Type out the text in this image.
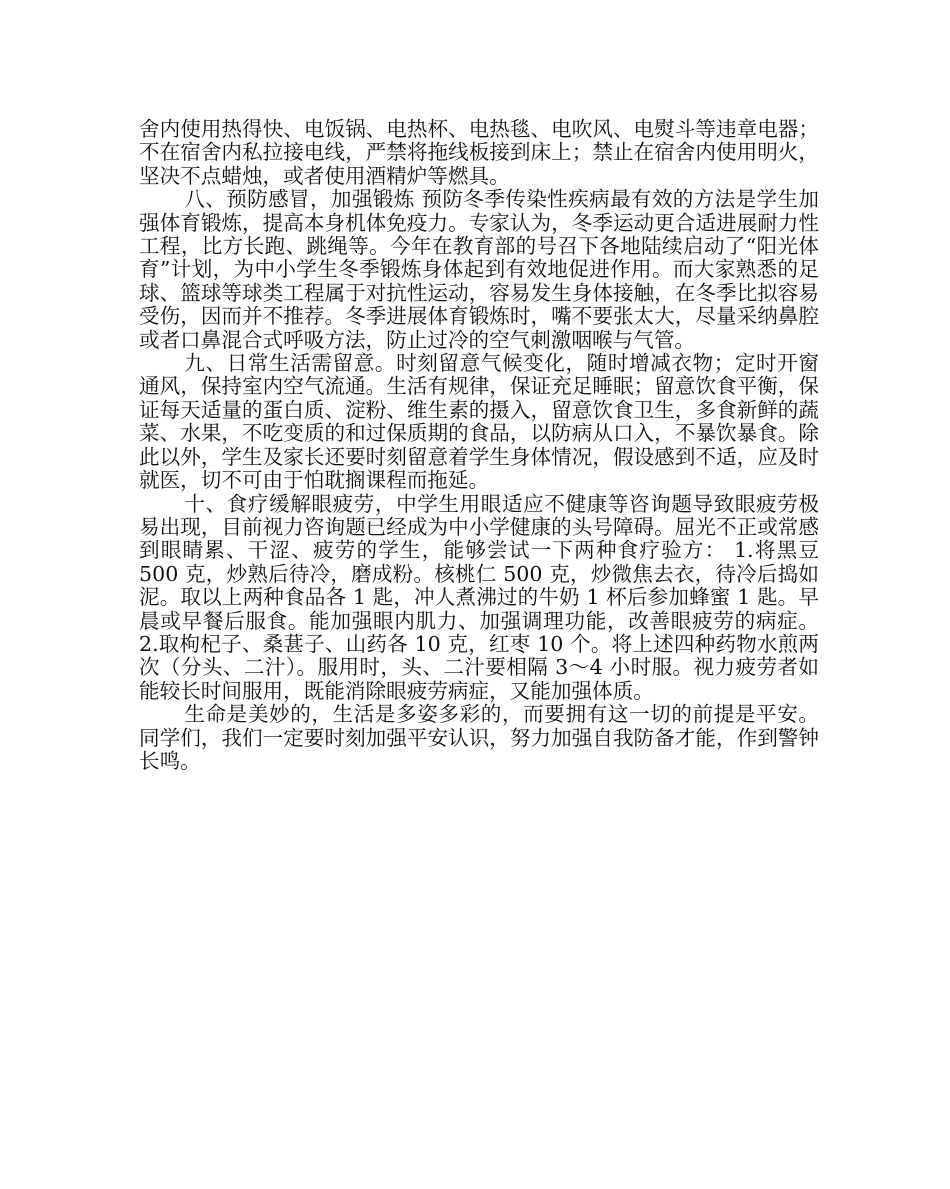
舍内使用热得快、电饭锅、电热杯、电热毯、电吹风、电熨斗等违章电器；不在宿舍内私拉接电线，严禁将拖线板接到床上；禁止在宿舍内使用明火，坚决不点蜡烛，或者使用酒精炉等燃具。

八、预防感冒，加强锻炼 预防冬季传染性疾病最有效的方法是学生加强体育锻炼，提高本身机体免疫力。专家认为，冬季运动更合适进展耐力性工程，比方长跑、跳绳等。今年在教育部的号召下各地陆续启动了“阳光体育”计划，为中小学生冬季锻炼身体起到有效地促进作用。而大家熟悉的足球、篮球等球类工程属于对抗性运动，容易发生身体接触，在冬季比拟容易受伤，因而并不推荐。冬季进展体育锻炼时，嘴不要张太大，尽量采纳鼻腔或者口鼻混合式呼吸方法，防止过冷的空气刺激咽喉与气管。

九、日常生活需留意。时刻留意气候变化，随时增减衣物；定时开窗通风，保持室内空气流通。生活有规律，保证充足睡眠；留意饮食平衡，保证每天适量的蛋白质、淀粉、维生素的摄入，留意饮食卫生，多食新鲜的蔬菜、水果，不吃变质的和过保质期的食品，以防病从口入，不暴饮暴食。除此以外，学生及家长还要时刻留意着学生身体情况，假设感到不适，应及时就医，切不可由于怕耽搁课程而拖延。

十、食疗缓解眼疲劳，中学生用眼适应不健康等咨询题导致眼疲劳极易出现，目前视力咨询题已经成为中小学健康的头号障碍。屈光不正或常感到眼睛累、干涩、疲劳的学生，能够尝试一下两种食疗验方： 1.将黑豆 500 克，炒熟后待冷，磨成粉。核桃仁 500 克，炒微焦去衣，待冷后捣如泥。取以上两种食品各 1 匙，冲人煮沸过的牛奶 1 杯后参加蜂蜜 1 匙。早晨或早餐后服食。能加强眼内肌力、加强调理功能，改善眼疲劳的病症。 2.取枸杞子、桑葚子、山药各 10 克，红枣 10 个。将上述四种药物水煎两次（分头、二汁）。服用时，头、二汁要相隔 3～4 小时服。视力疲劳者如能较长时间服用，既能消除眼疲劳病症，又能加强体质。

生命是美妙的，生活是多姿多彩的，而要拥有这一切的前提是平安。同学们，我们一定要时刻加强平安认识，努力加强自我防备才能，作到警钟长鸣。
